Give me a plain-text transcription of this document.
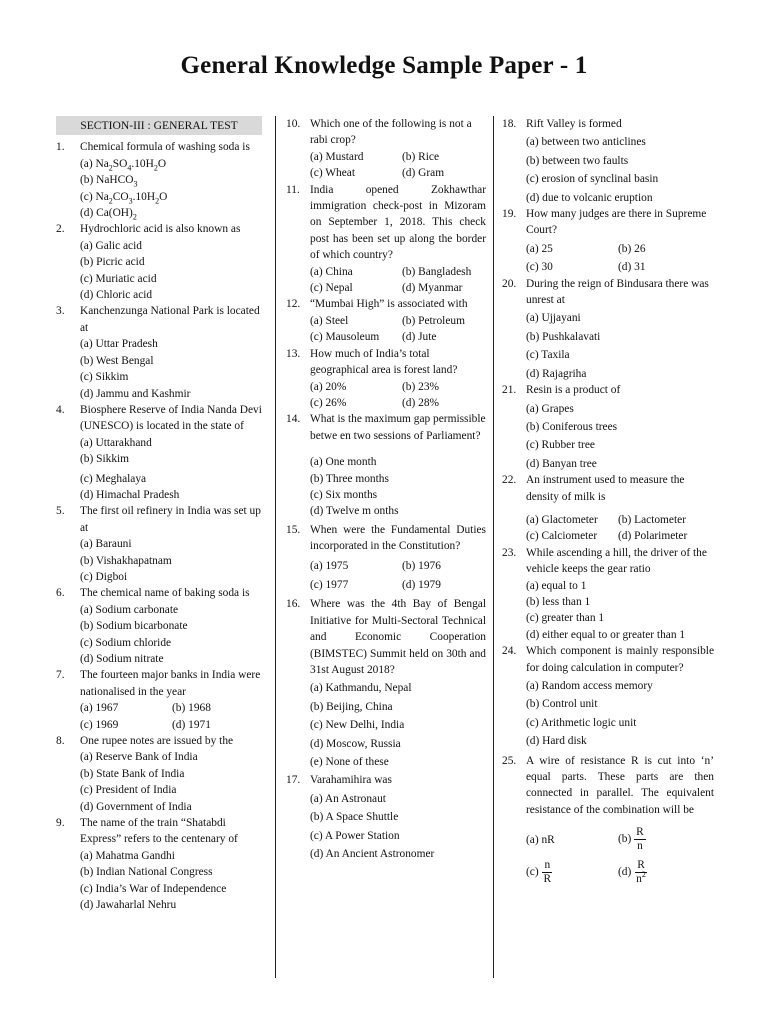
General Knowledge Sample Paper - 1
SECTION-III : GENERAL TEST
1.	Chemical formula of washing soda is
(a) $Na_2SO_4.10H_2O$
(b) NaHCO$_3$
(c) $Na_2CO_3.10H_2O$
(d) $Ca(OH)_2$
2.	Hydrochloric acid is also known as
(a) Galic acid
(b) Picric acid
(c) Muriatic acid
(d) Chloric acid
3.	Kanchenzunga National Park is located at
(a) Uttar Pradesh
(b) West Bengal
(c) Sikkim
(d) Jammu and Kashmir
4.	Biosphere Reserve of India Nanda Devi (UNESCO) is located in the state of
(a) Uttarakhand
(b) Sikkim
(c) Meghalaya
(d) Himachal Pradesh
5.	The first oil refinery in India was set up at
(a) Barauni
(b) Vishakhapatnam
(c) Digboi
6.	The chemical name of baking soda is
(a) Sodium carbonate
(b) Sodium bicarbonate
(c) Sodium chloride
(d) Sodium nitrate
7.	The fourteen major banks in India were nationalised in the year
(a) 1967	(b) 1968
(c) 1969	(d) 1971
8.	One rupee notes are issued by the
(a) Reserve Bank of India
(b) State Bank of India
(c) President of India
(d) Government of India
9.	The name of the train “Shatabdi Express” refers to the centenary of
(a) Mahatma Gandhi
(b) Indian National Congress
(c) India’s War of Independence
(d) Jawaharlal Nehru
10. Which one of the following is not a rabi crop?
(a) Mustard	(b) Rice
(c) Wheat	(d) Gram
11. India opened Zokhawthar immigration check-post in Mizoram on September 1, 2018. This check post has been set up along the border of which country?
(a) China	(b) Bangladesh
(c) Nepal	(d) Myanmar
12. “Mumbai High” is associated with
(a) Steel	(b) Petroleum
(c) Mausoleum	(d) Jute
13. How much of India’s total geographical area is forest land?
(a) 20%	(b) 23%
(c) 26%	(d) 28%
14. What is the maximum gap permissible betwe en two sessions of Parliament?
(a) One month
(b) Three months
(c) Six months
(d) Twelve m onths
15. When were the Fundamental Duties incorporated in the Constitution?
(a) 1975	(b) 1976
(c) 1977	(d) 1979
16. Where was the 4th Bay of Bengal Initiative for Multi-Sectoral Technical and Economic Cooperation (BIMSTEC) Summit held on 30th and 31st August 2018?
(a) Kathmandu, Nepal
(b) Beijing, China
(c) New Delhi, India
(d) Moscow, Russia
(e) None of these
17. Varahamihira was
(a) An Astronaut
(b) A Space Shuttle
(c) A Power Station
(d) An Ancient Astronomer
18. Rift Valley is formed
(a) between two anticlines
(b) between two faults
(c) erosion of synclinal basin
(d) due to volcanic eruption
19. How many judges are there in Supreme Court?
(a) 25	(b) 26
(c) 30	(d) 31
20. During the reign of Bindusara there was unrest at
(a) Ujjayani
(b) Pushkalavati
(c) Taxila
(d) Rajagriha
21. Resin is a product of
(a) Grapes
(b) Coniferous trees
(c) Rubber tree
(d) Banyan tree
22. An instrument used to measure the density of milk is
(a) Glactometer	(b) Lactometer
(c) Calciometer	(d) Polarimeter
23. While ascending a hill, the driver of the vehicle keeps the gear ratio
(a) equal to 1
(b) less than 1
(c) greater than 1
(d) either equal to or greater than 1
24. Which component is mainly responsible for doing calculation in computer?
(a) Random access memory
(b) Control unit
(c) Arithmetic logic unit
(d) Hard disk
25. A wire of resistance R is cut into ‘n’ equal parts. These parts are then connected in parallel. The equivalent resistance of the combination will be
(a) nR	$(b) \frac{R}{n}$
$(c) \frac{n}{R}$	$(d) \frac{R}{n^2}$
